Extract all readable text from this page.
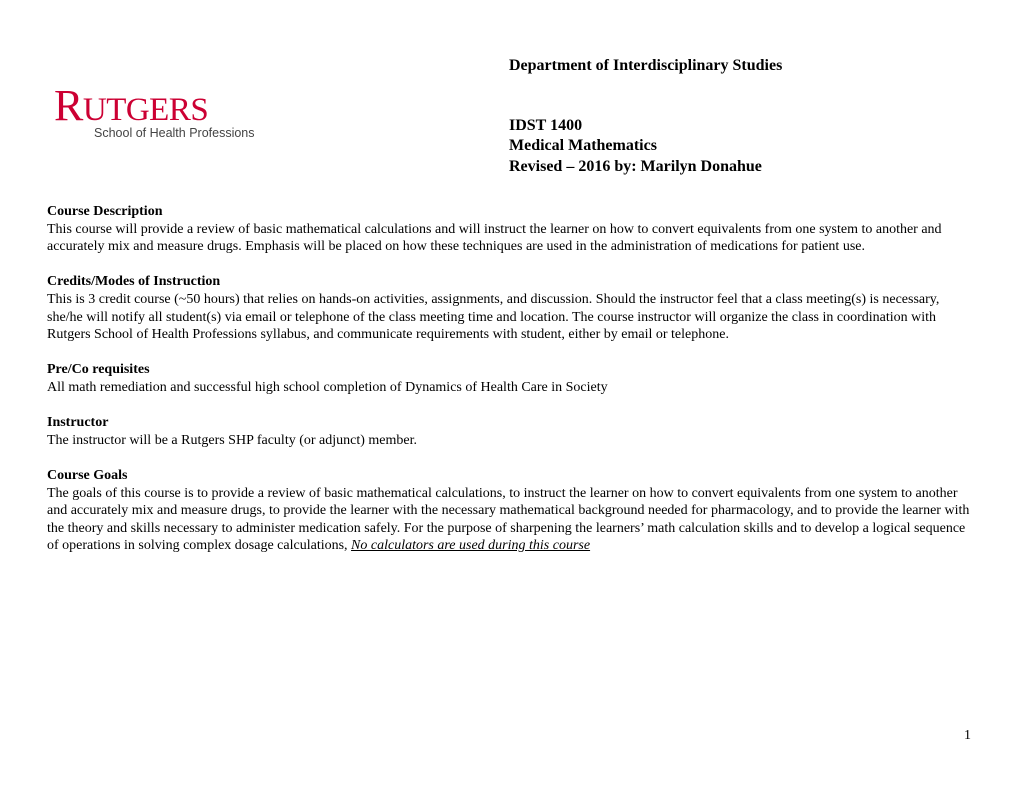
RUTGERS
School of Health Professions
Department of Interdisciplinary Studies
IDST 1400
Medical Mathematics
Revised – 2016 by: Marilyn Donahue
Course Description

This course will provide a review of basic mathematical calculations and will instruct the learner on how to convert equivalents from one system to another and accurately mix and measure drugs. Emphasis will be placed on how these techniques are used in the administration of medications for patient use.

Credits/Modes of Instruction

This is 3 credit course (~50 hours) that relies on hands-on activities, assignments, and discussion. Should the instructor feel that a class meeting(s) is necessary, she/he will notify all student(s) via email or telephone of the class meeting time and location. The course instructor will organize the class in coordination with Rutgers School of Health Professions syllabus, and communicate requirements with student, either by email or telephone.

Pre/Co requisites

All math remediation and successful high school completion of Dynamics of Health Care in Society

Instructor

The instructor will be a Rutgers SHP faculty (or adjunct) member.

Course Goals

The goals of this course is to provide a review of basic mathematical calculations, to instruct the learner on how to convert equivalents from one system to another and accurately mix and measure drugs, to provide the learner with the necessary mathematical background needed for pharmacology, and to provide the learner with the theory and skills necessary to administer medication safely. For the purpose of sharpening the learners’ math calculation skills and to develop a logical sequence of operations in solving complex dosage calculations, No calculators are used during this course

1
